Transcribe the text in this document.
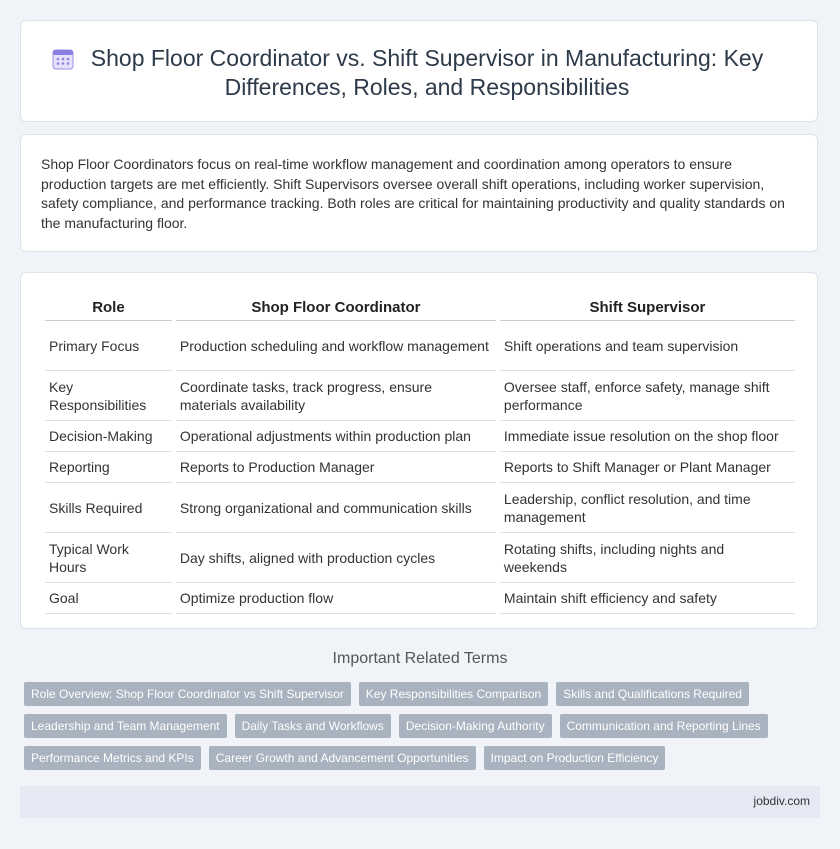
Shop Floor Coordinator vs. Shift Supervisor in Manufacturing: Key Differences, Roles, and Responsibilities

Shop Floor Coordinators focus on real-time workflow management and coordination among operators to ensure production targets are met efficiently. Shift Supervisors oversee overall shift operations, including worker supervision, safety compliance, and performance tracking. Both roles are critical for maintaining productivity and quality standards on the manufacturing floor.

Role	Shop Floor Coordinator	Shift Supervisor
Primary Focus	Production scheduling and workflow management	Shift operations and team supervision
Key Responsibilities	Coordinate tasks, track progress, ensure materials availability	Oversee staff, enforce safety, manage shift performance
Decision-Making	Operational adjustments within production plan	Immediate issue resolution on the shop floor
Reporting	Reports to Production Manager	Reports to Shift Manager or Plant Manager
Skills Required	Strong organizational and communication skills	Leadership, conflict resolution, and time management
Typical Work Hours	Day shifts, aligned with production cycles	Rotating shifts, including nights and weekends
Goal	Optimize production flow	Maintain shift efficiency and safety
Important Related Terms
Role Overview: Shop Floor Coordinator vs Shift Supervisor	Key Responsibilities Comparison	Skills and Qualifications Required
Leadership and Team Management	Daily Tasks and Workflows	Decision-Making Authority	Communication and Reporting Lines
Performance Metrics and KPIs	Career Growth and Advancement Opportunities	Impact on Production Efficiency
jobdiv.com
